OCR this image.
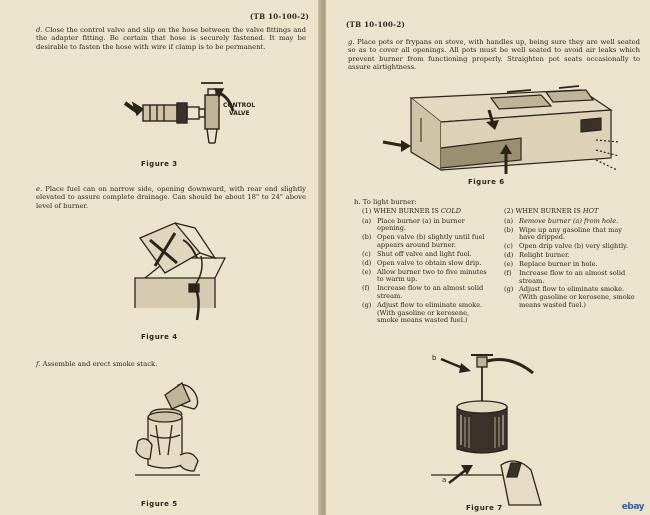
(TB 10-100-2)

d. Close the control valve and slip on the hose between the valve fittings and the adapter fitting. Be certain that hose is securely fastened. It may be desirable to fasten the hose with wire if clamp is to be permanent.

CONTROL
VALVE
Figure 3

e. Place fuel can on narrow side, opening downward, with rear end slightly elevated to assure complete drainage. Can should be about 18" to 24" above level of burner.

Figure 4

f. Assemble and erect smoke stack.

Figure 5
(TB 10-100-2)

g. Place pots or frypans on stove, with handles up, being sure they are well seated so as to cover all openings. All pots must be well seated to avoid air leaks which prevent burner from functioning properly. Straighten pot seats occasionally to assure airtightness.

Figure 6
h. To light burner:
(1) WHEN BURNER IS COLD
(a) Place burner (a) in burner opening.
(b) Open valve (b) slightly until fuel appears around burner.
(c) Shut off valve and light fuel.
(d) Open valve to obtain slow drip.
(e) Allow burner two to five minutes to warm up.
(f)	Increase flow to an almost solid stream.
(g) Adjust flow to eliminate smoke. (With gasoline or kerosene, smoke means wasted fuel.)
(2) WHEN BURNER IS HOT
(a) Remove burner (a) from hole.
(b) Wipe up any gasoline that may have dripped.
(c) Open drip valve (b) very slightly.
(d) Relight burner.
(e) Replace burner in hole.
(f)	Increase flow to an almost solid stream.
(g) Adjust flow to eliminate smoke. (With gasoline or kerosene, smoke means wasted fuel.)
b
a
Figure 7	ebay
